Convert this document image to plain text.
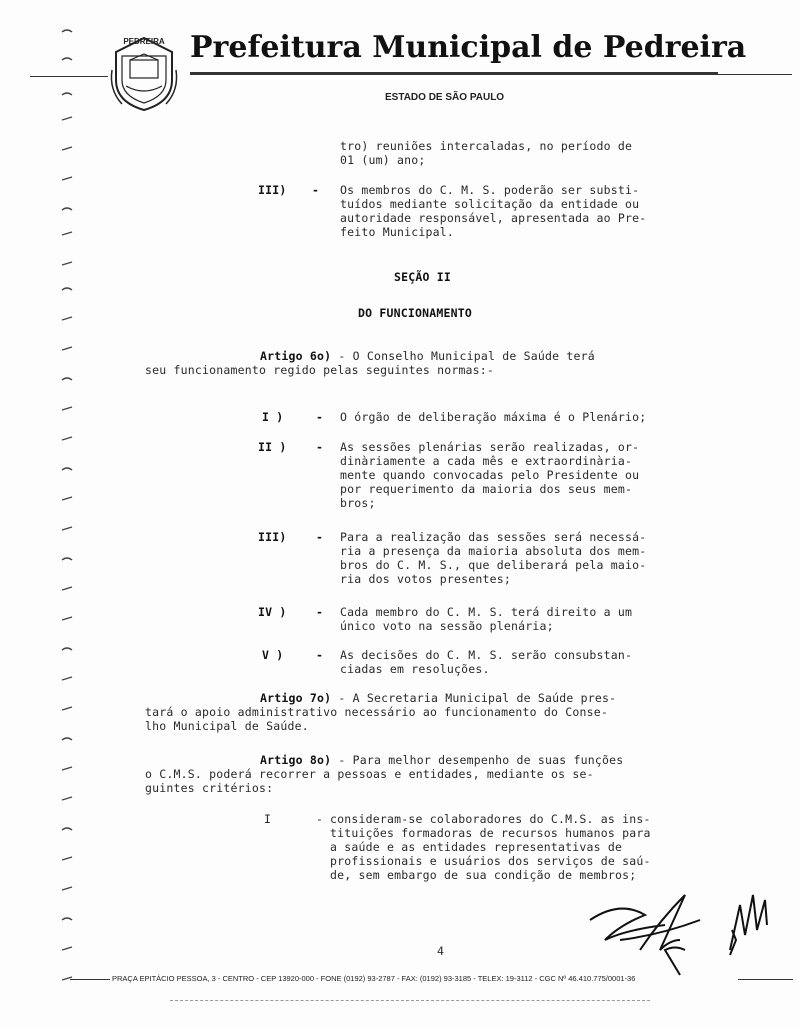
PEDREIRA Prefeitura Municipal de Pedreira
ESTADO DE SÃO PAULO
tro) reuniões intercaladas, no período de
01 (um) ano;
III) - Os membros do C. M. S. poderão ser substi-
tuídos mediante solicitação da entidade ou
autoridade responsável, apresentada ao Pre-
feito Municipal.
SEÇÃO II
DO FUNCIONAMENTO
Artigo 6o) - O Conselho Municipal de Saúde terá
seu funcionamento regido pelas seguintes normas:-
I )	- O órgão de deliberação máxima é o Plenário;
II )	- As sessões plenárias serão realizadas, or-
dinàriamente a cada mês e extraordinària-
mente quando convocadas pelo Presidente ou
por requerimento da maioria dos seus mem-
bros;
III)	- Para a realização das sessões será necessá-
ria a presença da maioria absoluta dos mem-
bros do C. M. S., que deliberará pela maio-
ria dos votos presentes;
IV )	- Cada membro do C. M. S. terá direito a um
único voto na sessão plenária;
V )	- As decisões do C. M. S. serão consubstan-
ciadas em resoluções.
Artigo 7o) - A Secretaria Municipal de Saúde pres-
tará o apoio administrativo necessário ao funcionamento do Conse-
lho Municipal de Saúde.
Artigo 8o) - Para melhor desempenho de suas funções
o C.M.S. poderá recorrer a pessoas e entidades, mediante os se-
guintes critérios:
I	- consideram-se colaboradores do C.M.S. as ins-
tituições formadoras de recursos humanos para
a saúde e as entidades representativas de
profissionais e usuários dos serviços de saú-
de, sem embargo de sua condição de membros;
4
PRAÇA EPITÁCIO PESSOA, 3 - CENTRO - CEP 13920-000 - FONE (0192) 93-2787 - FAX: (0192) 93-3185 - TELEX: 19-3112 - CGC Nº 46.410.775/0001-36
